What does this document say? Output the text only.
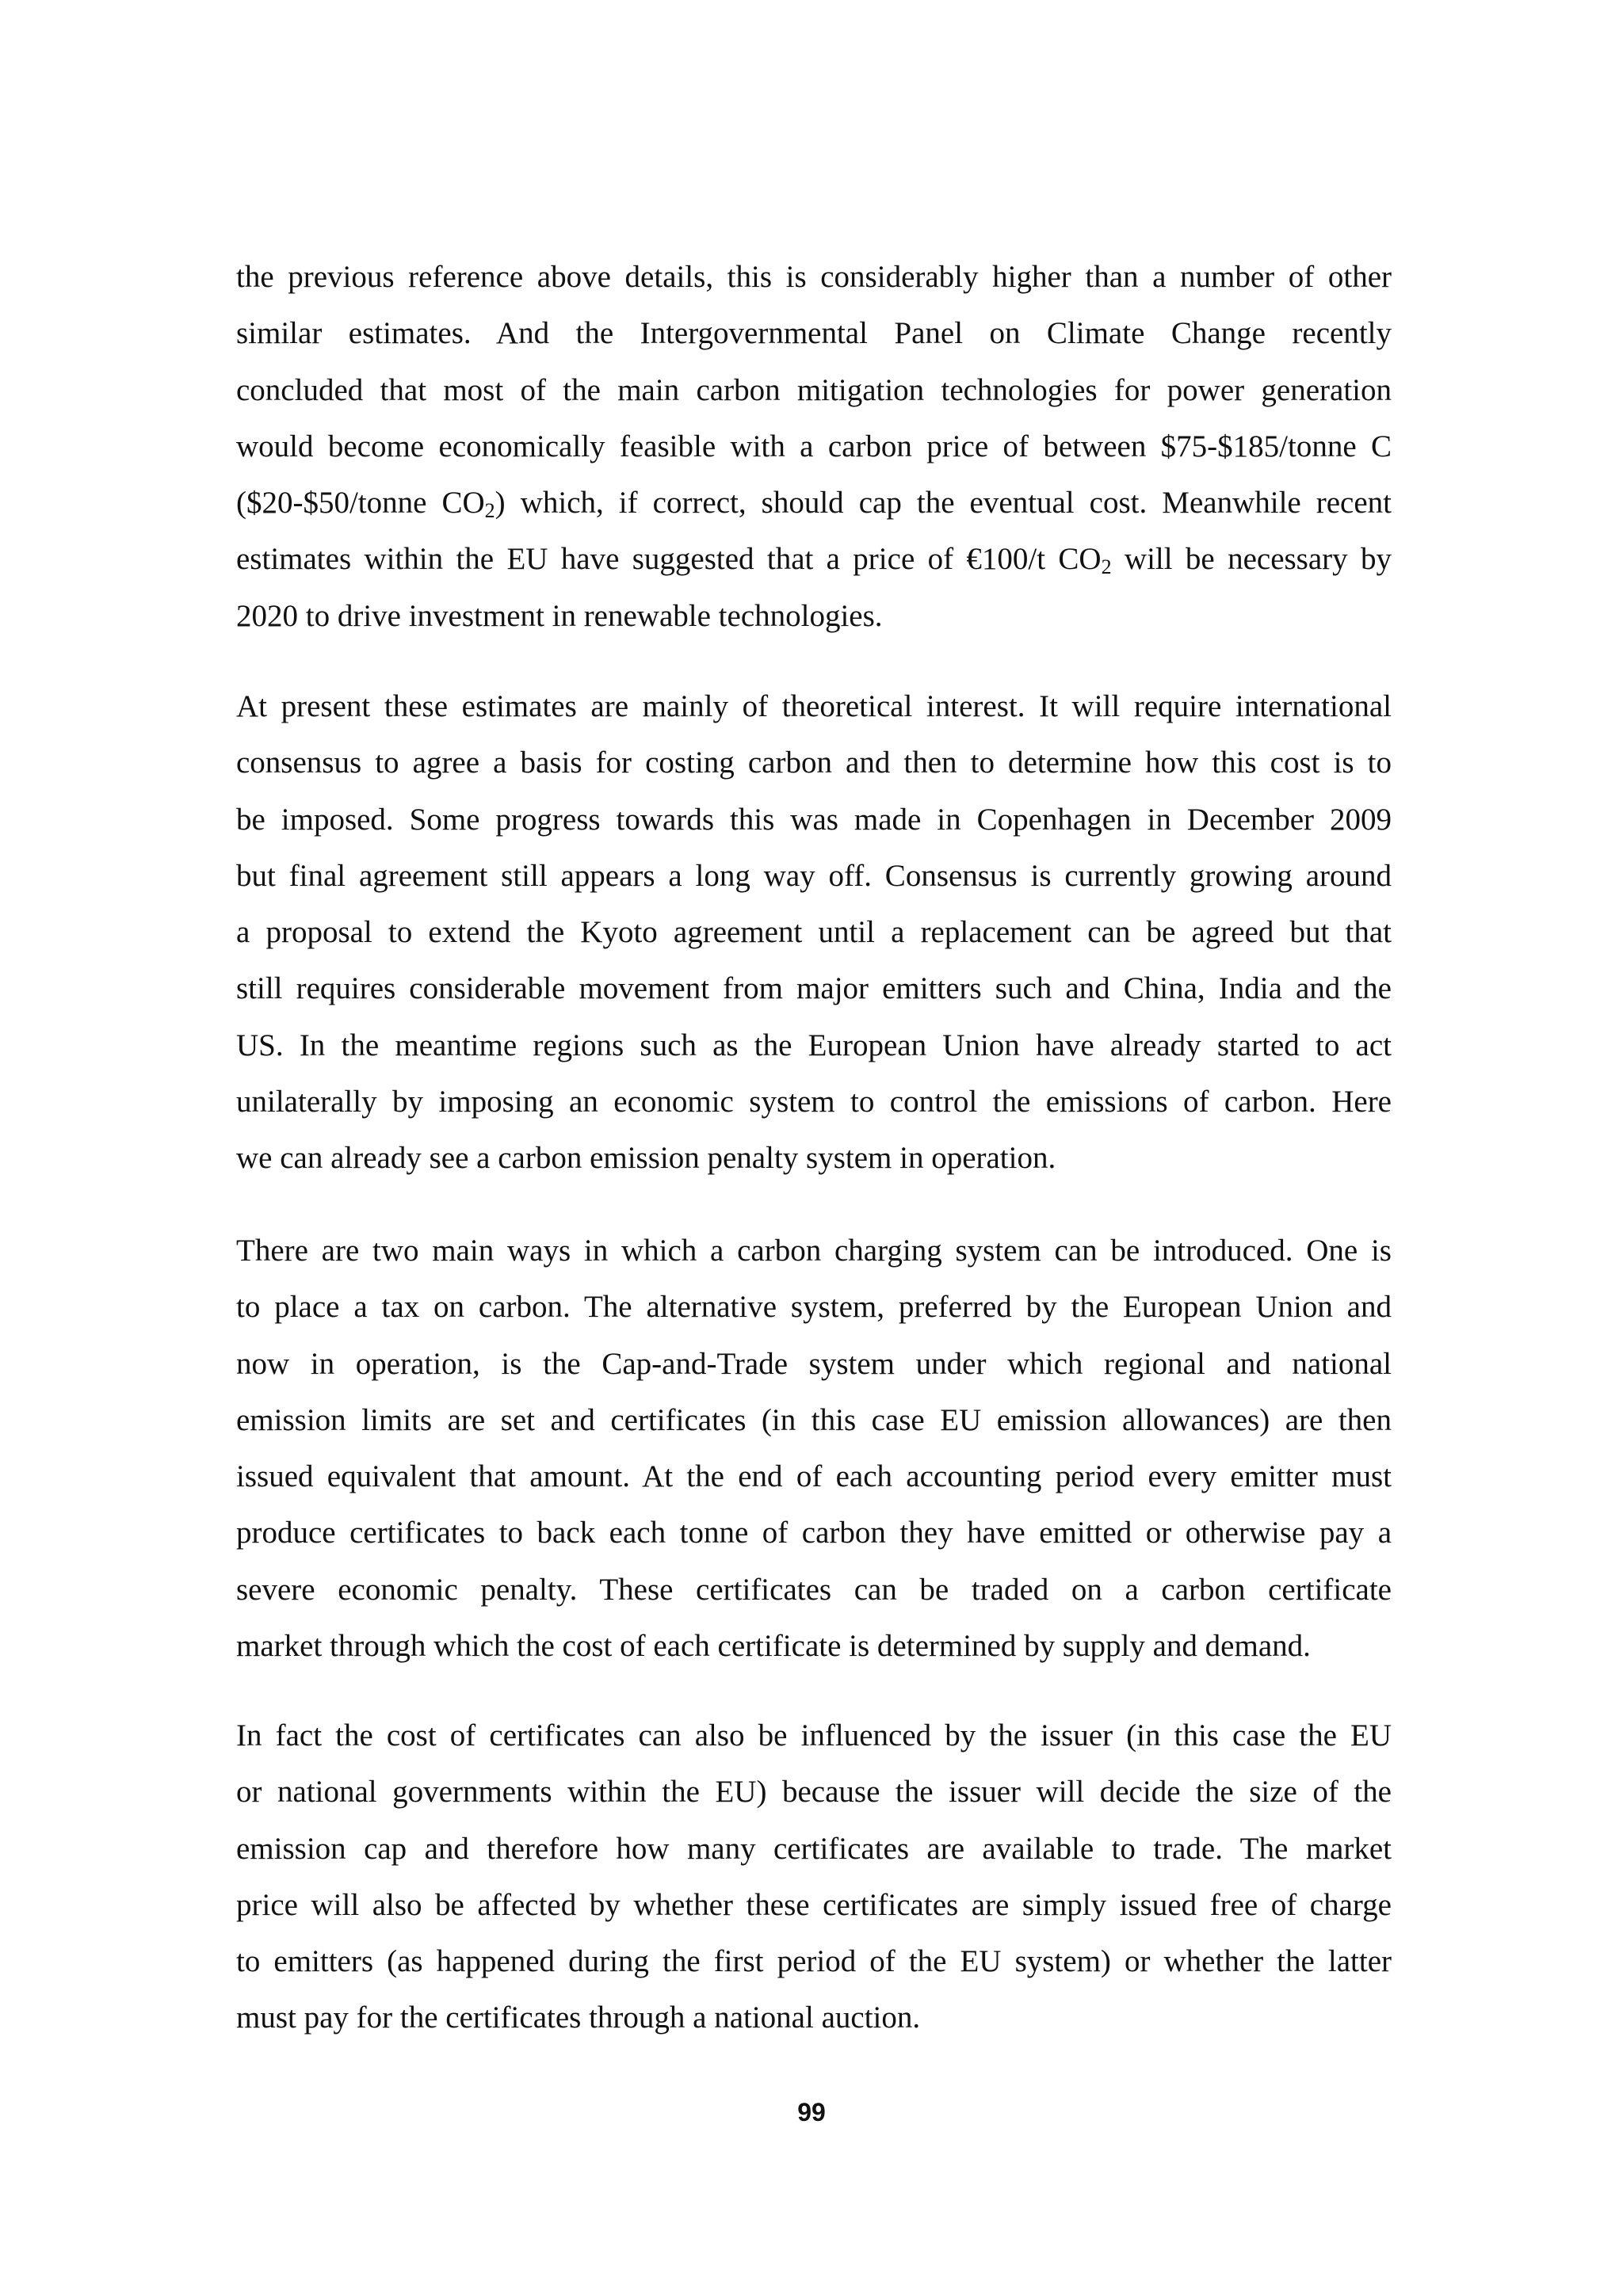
the previous reference above details, this is considerably higher than a number of other
similar estimates. And the Intergovernmental Panel on Climate Change recently
concluded that most of the main carbon mitigation technologies for power generation
would become economically feasible with a carbon price of between $75-$185/tonne C
($20-$50/tonne $CO_2$) which, if correct, should cap the eventual cost. Meanwhile recent
estimates within the EU have suggested that a price of €100/t $CO_2$ will be necessary by
2020 to drive investment in renewable technologies.
At present these estimates are mainly of theoretical interest. It will require international
consensus to agree a basis for costing carbon and then to determine how this cost is to
be imposed. Some progress towards this was made in Copenhagen in December 2009
but final agreement still appears a long way off. Consensus is currently growing around
a proposal to extend the Kyoto agreement until a replacement can be agreed but that
still requires considerable movement from major emitters such and China, India and the
US. In the meantime regions such as the European Union have already started to act
unilaterally by imposing an economic system to control the emissions of carbon. Here
we can already see a carbon emission penalty system in operation.
There are two main ways in which a carbon charging system can be introduced. One is
to place a tax on carbon. The alternative system, preferred by the European Union and
now in operation, is the Cap-and-Trade system under which regional and national
emission limits are set and certificates (in this case EU emission allowances) are then
issued equivalent that amount. At the end of each accounting period every emitter must
produce certificates to back each tonne of carbon they have emitted or otherwise pay a
severe economic penalty. These certificates can be traded on a carbon certificate
market through which the cost of each certificate is determined by supply and demand.
In fact the cost of certificates can also be influenced by the issuer (in this case the EU
or national governments within the EU) because the issuer will decide the size of the
emission cap and therefore how many certificates are available to trade. The market
price will also be affected by whether these certificates are simply issued free of charge
to emitters (as happened during the first period of the EU system) or whether the latter
must pay for the certificates through a national auction.
99
